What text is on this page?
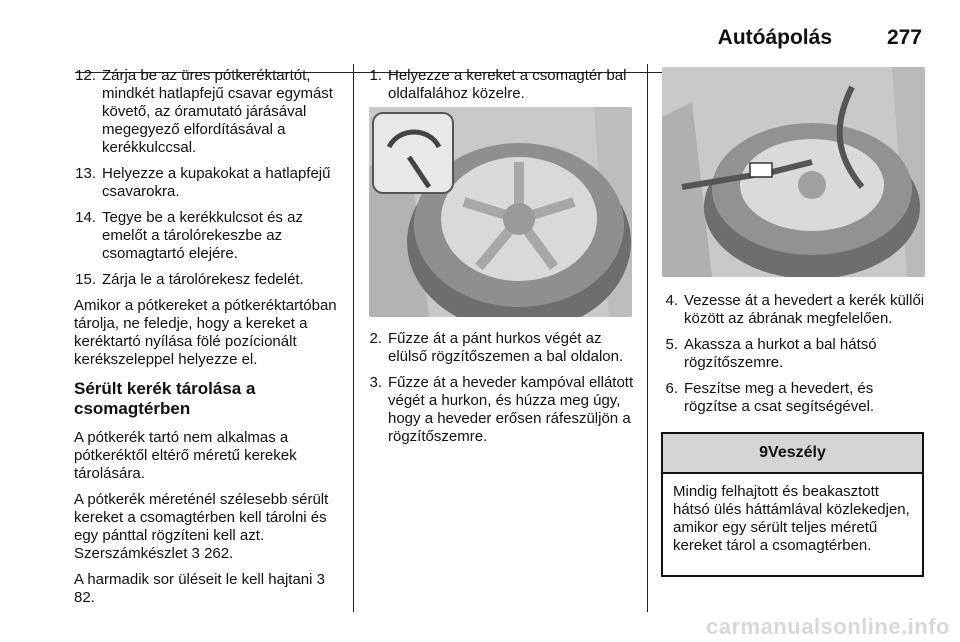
Autóápolás	277
12. Zárja be az üres pótkeréktartót, mindkét hatlapfejű csavar egymást követő, az óramutató járásával megegyező elfordításával a kerékkulccsal.
13. Helyezze a kupakokat a hatlapfejű csavarokra.
14. Tegye be a kerékkulcsot és az emelőt a tárolórekeszbe az csomagtartó elejére.
15. Zárja le a tárolórekesz fedelét.

Amikor a pótkereket a pótkeréktartóban tárolja, ne feledje, hogy a kereket a keréktartó nyílása fölé pozícionált kerékszeleppel helyezze el.

Sérült kerék tárolása a csomagtérben

A pótkerék tartó nem alkalmas a pótkeréktől eltérő méretű kerekek tárolására.

A pótkerék méreténél szélesebb sérült kereket a csomagtérben kell tárolni és egy pánttal rögzíteni kell azt. Szerszámkészlet 3 262.

A harmadik sor üléseit le kell hajtani 3 82.

1. Helyezze a kereket a csomagtér bal oldalfalához közelre.
2. Fűzze át a pánt hurkos végét az elülső rögzítőszemen a bal oldalon.
3. Fűzze át a heveder kampóval ellátott végét a hurkon, és húzza meg úgy, hogy a heveder erősen ráfeszüljön a rögzítőszemre.
4. Vezesse át a hevedert a kerék küllői között az ábrának megfelelően.
5. Akassza a hurkot a bal hátsó rögzítőszemre.
6. Feszítse meg a hevedert, és rögzítse a csat segítségével.
9 Veszély
Mindig felhajtott és beakasztott hátsó ülés háttámlával közlekedjen, amikor egy sérült teljes méretű kereket tárol a csomagtérben.
carmanualsonline.info
